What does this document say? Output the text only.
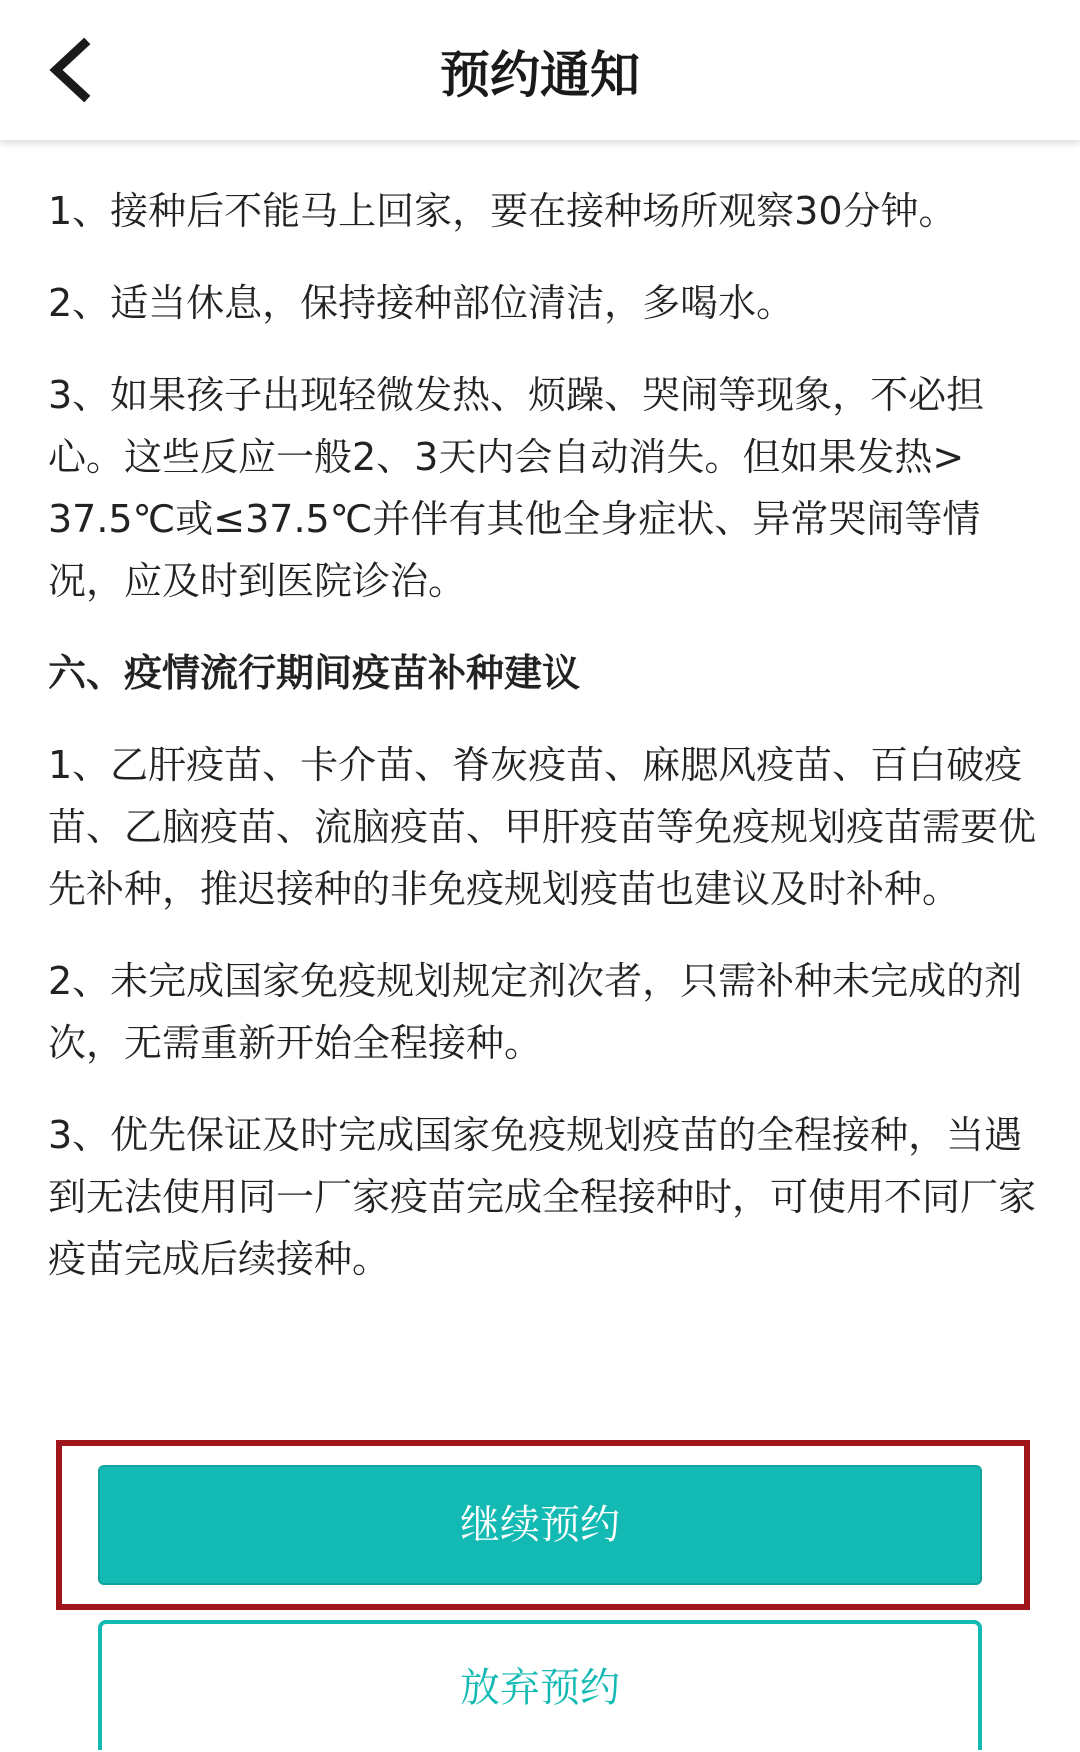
预约通知

1、接种后不能马上回家，要在接种场所观察30分钟。

2、适当休息，保持接种部位清洁，多喝水。

3、如果孩子出现轻微发热、烦躁、哭闹等现象，不必担心。这些反应一般2、3天内会自动消失。但如果发热> 37.5℃或≤37.5℃并伴有其他全身症状、异常哭闹等情况，应及时到医院诊治。

六、疫情流行期间疫苗补种建议

1、乙肝疫苗、卡介苗、脊灰疫苗、麻腮风疫苗、百白破疫苗、乙脑疫苗、流脑疫苗、甲肝疫苗等免疫规划疫苗需要优先补种，推迟接种的非免疫规划疫苗也建议及时补种。

2、未完成国家免疫规划规定剂次者，只需补种未完成的剂次，无需重新开始全程接种。

3、优先保证及时完成国家免疫规划疫苗的全程接种，当遇到无法使用同一厂家疫苗完成全程接种时，可使用不同厂家疫苗完成后续接种。

继续预约
放弃预约
